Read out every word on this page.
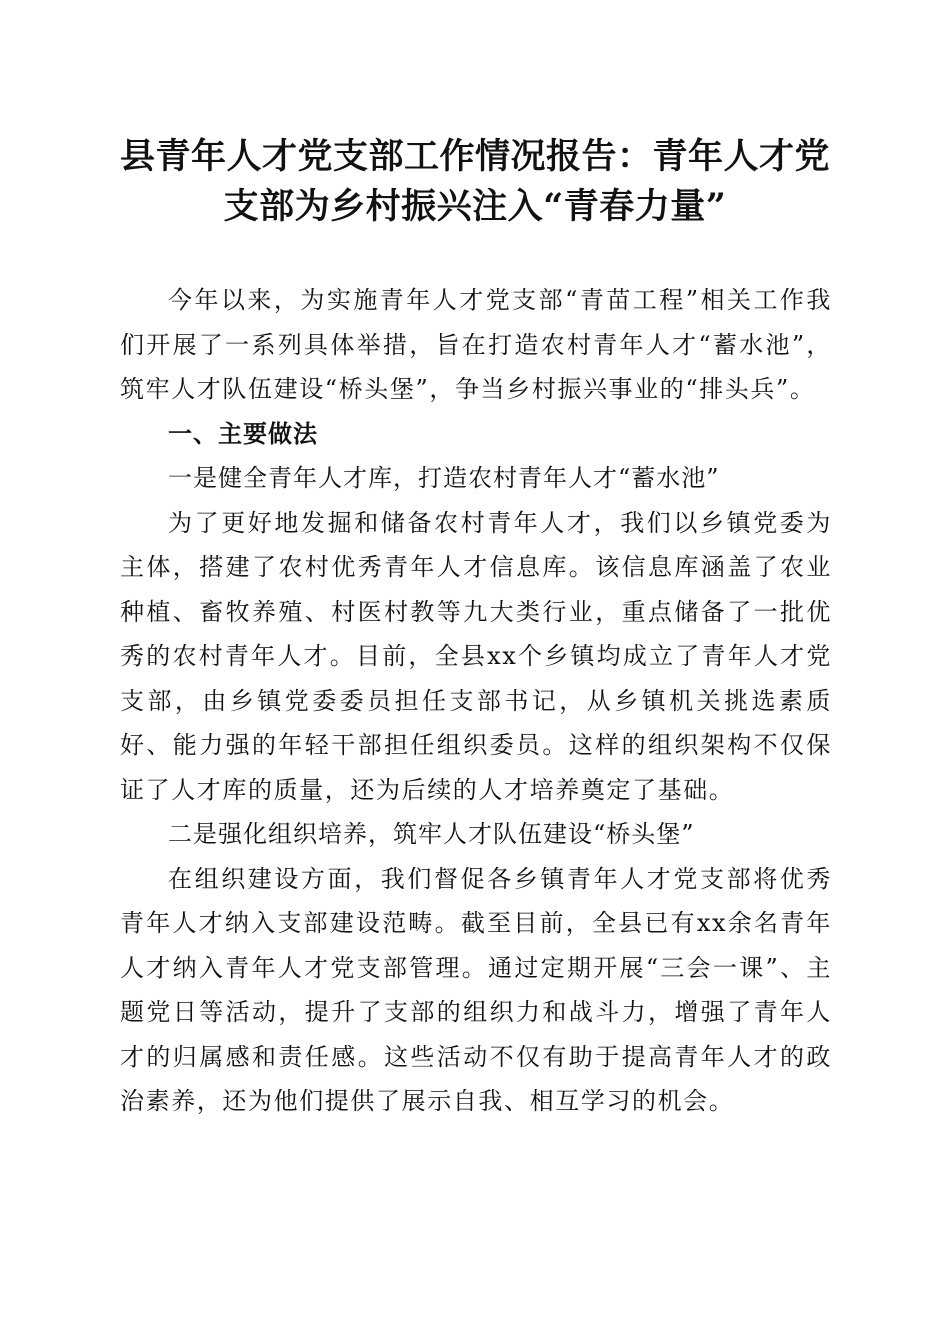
县青年人才党支部工作情况报告：青年人才党
支部为乡村振兴注入“青春力量”

今年以来，为实施青年人才党支部“青苗工程”相关工作我们开展了一系列具体举措，旨在打造农村青年人才“蓄水池”，筑牢人才队伍建设“桥头堡”，争当乡村振兴事业的“排头兵”。

一、主要做法

一是健全青年人才库，打造农村青年人才“蓄水池”

为了更好地发掘和储备农村青年人才，我们以乡镇党委为主体，搭建了农村优秀青年人才信息库。该信息库涵盖了农业种植、畜牧养殖、村医村教等九大类行业，重点储备了一批优秀的农村青年人才。目前，全县xx个乡镇均成立了青年人才党支部，由乡镇党委委员担任支部书记，从乡镇机关挑选素质好、能力强的年轻干部担任组织委员。这样的组织架构不仅保证了人才库的质量，还为后续的人才培养奠定了基础。

二是强化组织培养，筑牢人才队伍建设“桥头堡”

在组织建设方面，我们督促各乡镇青年人才党支部将优秀青年人才纳入支部建设范畴。截至目前，全县已有xx余名青年人才纳入青年人才党支部管理。通过定期开展“三会一课”、主题党日等活动，提升了支部的组织力和战斗力，增强了青年人才的归属感和责任感。这些活动不仅有助于提高青年人才的政治素养，还为他们提供了展示自我、相互学习的机会。
